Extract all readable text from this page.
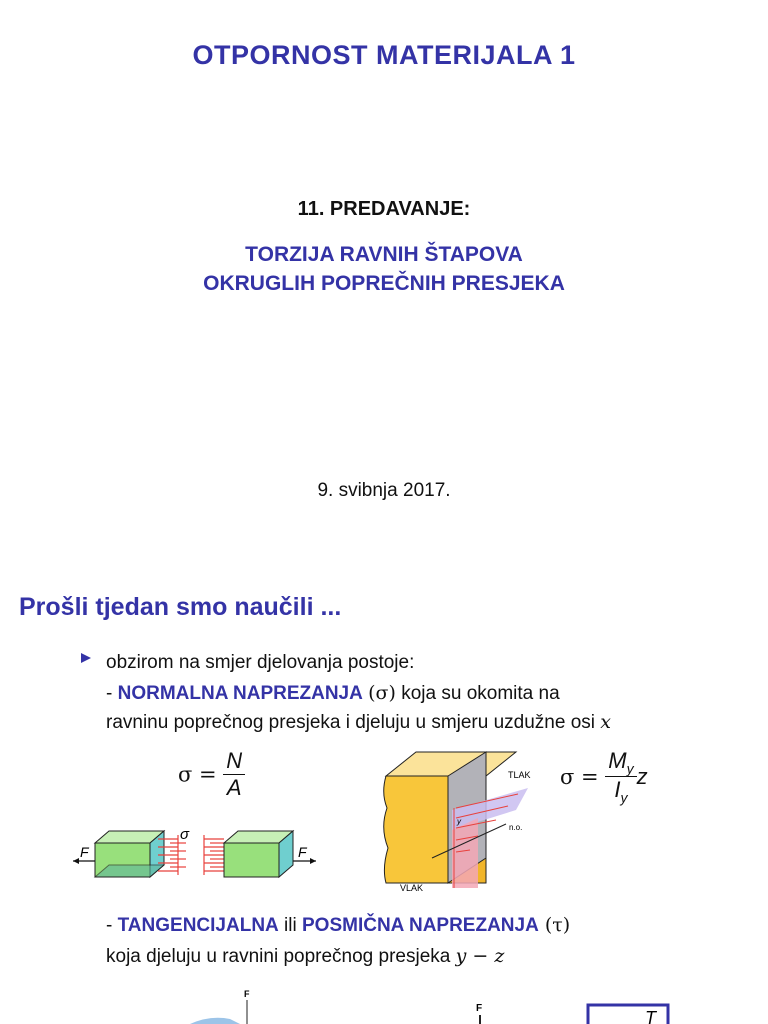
OTPORNOST MATERIJALA 1
11. PREDAVANJE:
TORZIJA RAVNIH ŠTAPOVA
OKRUGLIH POPREČNIH PRESJEKA
9. svibnja 2017.
Prošli tjedan smo naučili ...
obzirom na smjer djelovanja postoje:
- NORMALNA NAPREZANJA (σ) koja su okomita na
ravninu poprečnog presjeka i djeluju u smjeru uzdužne osi x
$\sigma = \frac{N}{A}$	$\sigma = \frac{M_y}{I_y}$ z
F	F
σ
TLAK
VLAK
n.o.
y
- TANGENCIJALNA ili POSMIČNA NAPREZANJA (τ)
koja djeluju u ravnini poprečnog presjeka y − z
F
F	T
